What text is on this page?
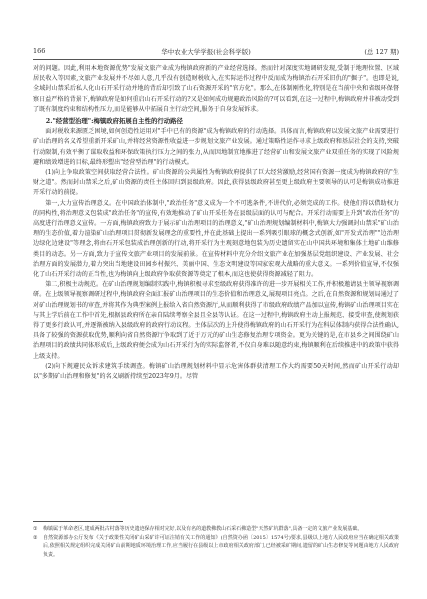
166	华中农业大学学报(社会科学版)	(总 127 期)

对的问题。因此,利用本地资源优势"发展文旅产业成为梅镇政府新的产业经营选择。然而针对深度实地调研发现,受制于地理位置、区域居民收入等因素,文旅产业发展并不尽如人意,几乎没有创造财税收入,在实际运作过程中反而成为梅镇治石开采旧仇的"掘子"。也即是说,全域封山禁采后私人化山石开采行动并地的背后却引致了山石资源开采的"官方化"。那么,在体制刚性化,特别是在当前中央和省级环保督察日益严格的背景下,梅镇政府是如何重启山石开采行动的?又是如何成功规避政治风险的?可以看到,在这一过程中,梅镇政府并非被动受到了既有制度约束和结构性压力,而是能够从中拓展自主行动空间,服务于自身发展诉求。

2."经营型治理":梅镇政府拓展自主性的行动路径

面对税收来源匮乏困境,如何创造性运用对"手中已有的资源"成为梅镇政府的行动选择。具体而言,梅镇政府以发展文旅产业需要进行矿山治理的名义希望重新开采矿山,并将经营资源性收益进一步规划文旅产业发展。通过策略性运作寻求上级政府和基层社会的支持,突破行动限制,有效平衡了谋取收益和环保政策执行压力之间的张力,从而因地制宜地推进了经营矿山和发展文旅产业双重任务的实现了风险规避和绩效增进的目标,最终形塑出"经营型治理"的行动模式。

(1)向上争取政策空间获取经营合法性。矿山资源的公共属性为梅镇政府提供了巨大经营激励,经营国有资源一度成为梅镇政府的"生财之道"。然而封山禁采之后,矿山资源的责任主体回归到县级政府。因此,获得县级政府甚至更上级政府主要领导的认可是梅镇成功推进开采行动的前提。

第一,大力宣传治理意义。在中国政治体制中,"政治任务"意义成为一个不可逃条件,不讲代价,必须完成的工作。使他们得以借助权力的同构性,将治理意义包装成"政治任务"的宣传,有效地推动了矿山开采任务在县级层面的认可与配合。开采行动需要上升到"政治任务"的高度进行治理意义宣传。一方面,梅镇政府致力于展示矿山治理项目的治理意义,"矿山治理规划编制材料中,梅镇大力强调封山禁采"矿山治理的生态价值,着力渲染矿山治理项目贯彻新发展理念的重要性,并在此基础上提出一系列吸引眼球的概念式创新,如"开发式治理""边治理边绿化边建设"等理念,将由石开采包装成治理创新的行动,将开采行为主观刻意地包装为历史遗留实在山中国共环境和集体土地矿山维修类目的动态。另一方面,致力于宣传文旅产业项目的发展前景。在宣传材料中充分介绍文旅产业在加强基层党组织建设、产业发展、社会治理方面的发展潜力,着力突出当地建设田园乡村振兴、美丽中国、生态文明建设等国家宏观大战略的重大意义。一系列价值宣导,不仅强化了山石开采行动的正当性,也为梅镇向上级政府争取获资源等奠定了根本,而这也使获得资源减轻了阻力。

第二,积极主动规范。在矿山治理规划编制实践中,梅镇积极寻求至级政府获得准许的进一步开展相关工作,并积极邀请县主领导视察调研。在上级领导视察调研过程中,梅镇政府全面汇报矿山治理项目的生态价值和治理意义,展现项目亮点。之后,在自然资源和规划局通过了对矿山治理规划书的审查,并将其作为典型案例上报给入省自然资源厅,从而顺利获得了市级政府政绩产品加以宣传,梅镇矿山治理项目实在与其上学后前在工作中首先,根据县政府所在亲自陆续考察全县且全县等认证。在这一过程中,梅镇政府主动上报规范、接受审查,使规划获得了更多行政认可,并逐渐被纳入县级政府的政府行动议程。主体层次的上升使得梅镇政府的山石开采行为在科层体制内获得合法性确认,具备了较强的资源获取优势,顺利向省自然资源厅争取到了近于万元的矿山生态修复治理专项资金。更为关键的是,在市县乡之间围绕矿山治理项目的政绩共同体形成后,上级政府便会成为山石开采行为的实际监督者,不仅自身难以随意约束,梅镇顺利在后续推进中的政策中获得上级支持。

(2)向下规避民众诉求建筑手续调查。梅镇矿山治理规划材料中显示危害体群获清理工作大约需要50天时间,然而矿山开采行动却以"多期矿山治理和修复"的名义刷新持续至2023年9月。尽管

①	梅镇属于革命老区,建成两批古村落等历史遗迹保存相对完好,以及有名的道教佛教山石采石佛造型"天然矿坑群落",具备一定的文旅产业发展基础。
②	自然资源部办公厅发布《关于政策性关闭矿山采矿许可证注销有关工作的通知》(自然资办函〔2015〕1574号)要求,县级以上地方人民政府应当在确定相关政策后,依照相关规定组织完成关闭矿山前期地质环境治理工作,应当履行在县级以上市政府相关政府部门,已经被采矿期间,遗留的矿山生态修复等问题由地方人民政府负责。
